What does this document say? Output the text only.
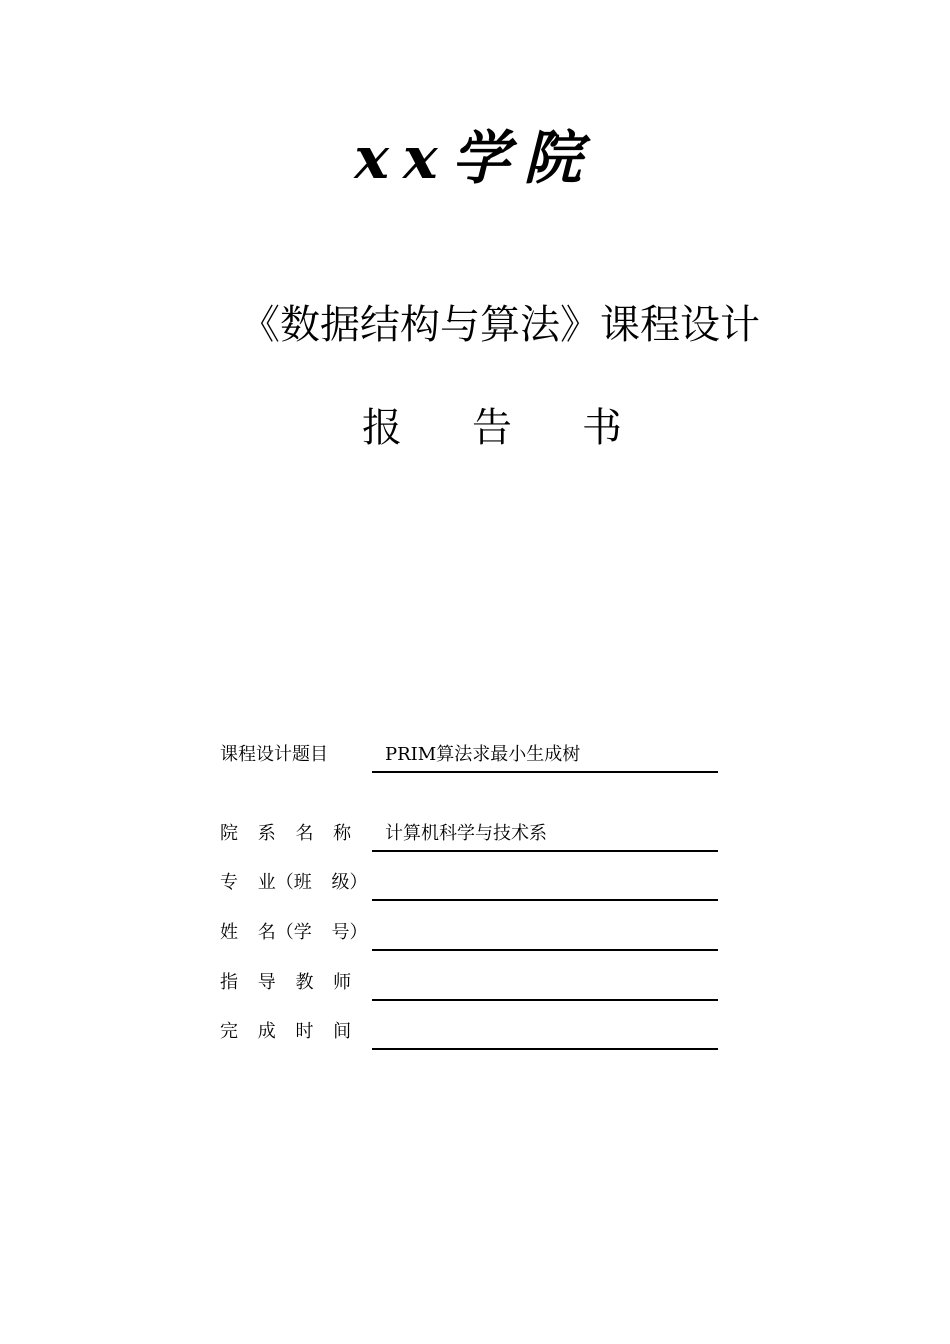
xx学院
《数据结构与算法》课程设计
报 告 书
课程设计题目	PRIM算法求最小生成树
院 系 名 称	计算机科学与技术系
专 业（班 级）
姓 名（学 号）
指 导 教 师
完 成 时 间
